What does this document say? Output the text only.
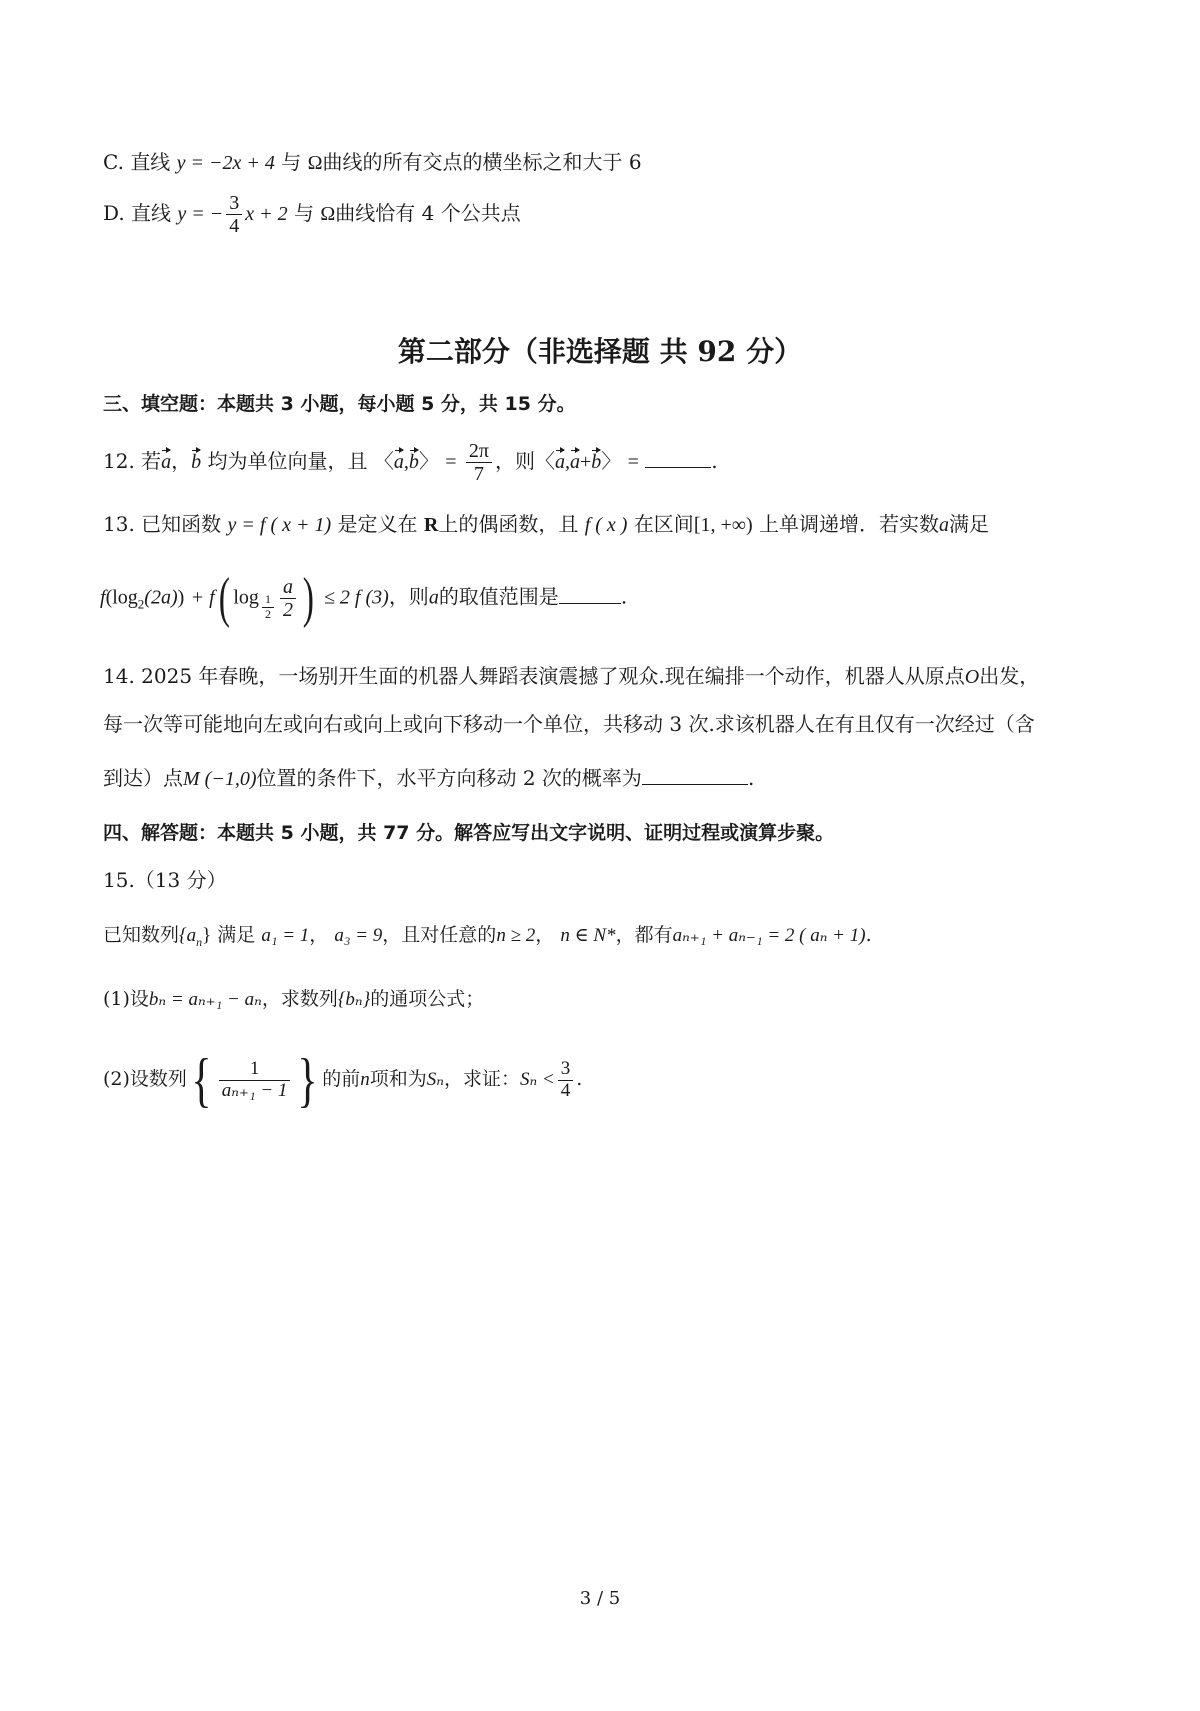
C. 直线 y = −2x + 4 与 Ω曲线的所有交点的横坐标之和大于 6
D. 直线 y = − $\frac{3}{4}$ x + 2 与 Ω曲线恰有 4 个公共点
第二部分（非选择题 共 92 分）
三、填空题：本题共 3 小题，每小题 5 分，共 15 分。
12. 若a，b 均为单位向量，且 〈a,b〉 = $\frac{2\pi}{7}$ ，则〈a,a+b〉 =	.
13. 已知函数 y = f ( x + 1) 是定义在 R上的偶函数，且 f ( x ) 在区间[1, +∞) 上单调递增．若实数a满足
$f(\log_2(2a)) + f$( $\log \frac{1}{2} \frac{a}{2}$ ) ≤ 2 f (3)，则a的取值范围是	.
14. 2025 年春晚，一场别开生面的机器人舞蹈表演震撼了观众.现在编排一个动作，机器人从原点O出发，
每一次等可能地向左或向右或向上或向下移动一个单位，共移动 3 次.求该机器人在有且仅有一次经过（含
到达）点M (−1,0)位置的条件下，水平方向移动 2 次的概率为	.
四、解答题：本题共 5 小题，共 77 分。解答应写出文字说明、证明过程或演算步聚。
15.（13 分）
已知数列$\{a_n\}$ 满足 a₁ = 1， a₃ = 9，且对任意的n ≥ 2， n ∈ N*，都有aₙ₊₁ + aₙ₋₁ = 2 ( aₙ + 1).
(1)设bₙ = aₙ₊₁ − aₙ，求数列{bₙ}的通项公式；
(2)设数列{ $\frac{1}{\text{aₙ₊₁ − 1}}$ } 的前n项和为Sₙ，求证：$S_n < \frac{3}{4}$ .
3 / 5
